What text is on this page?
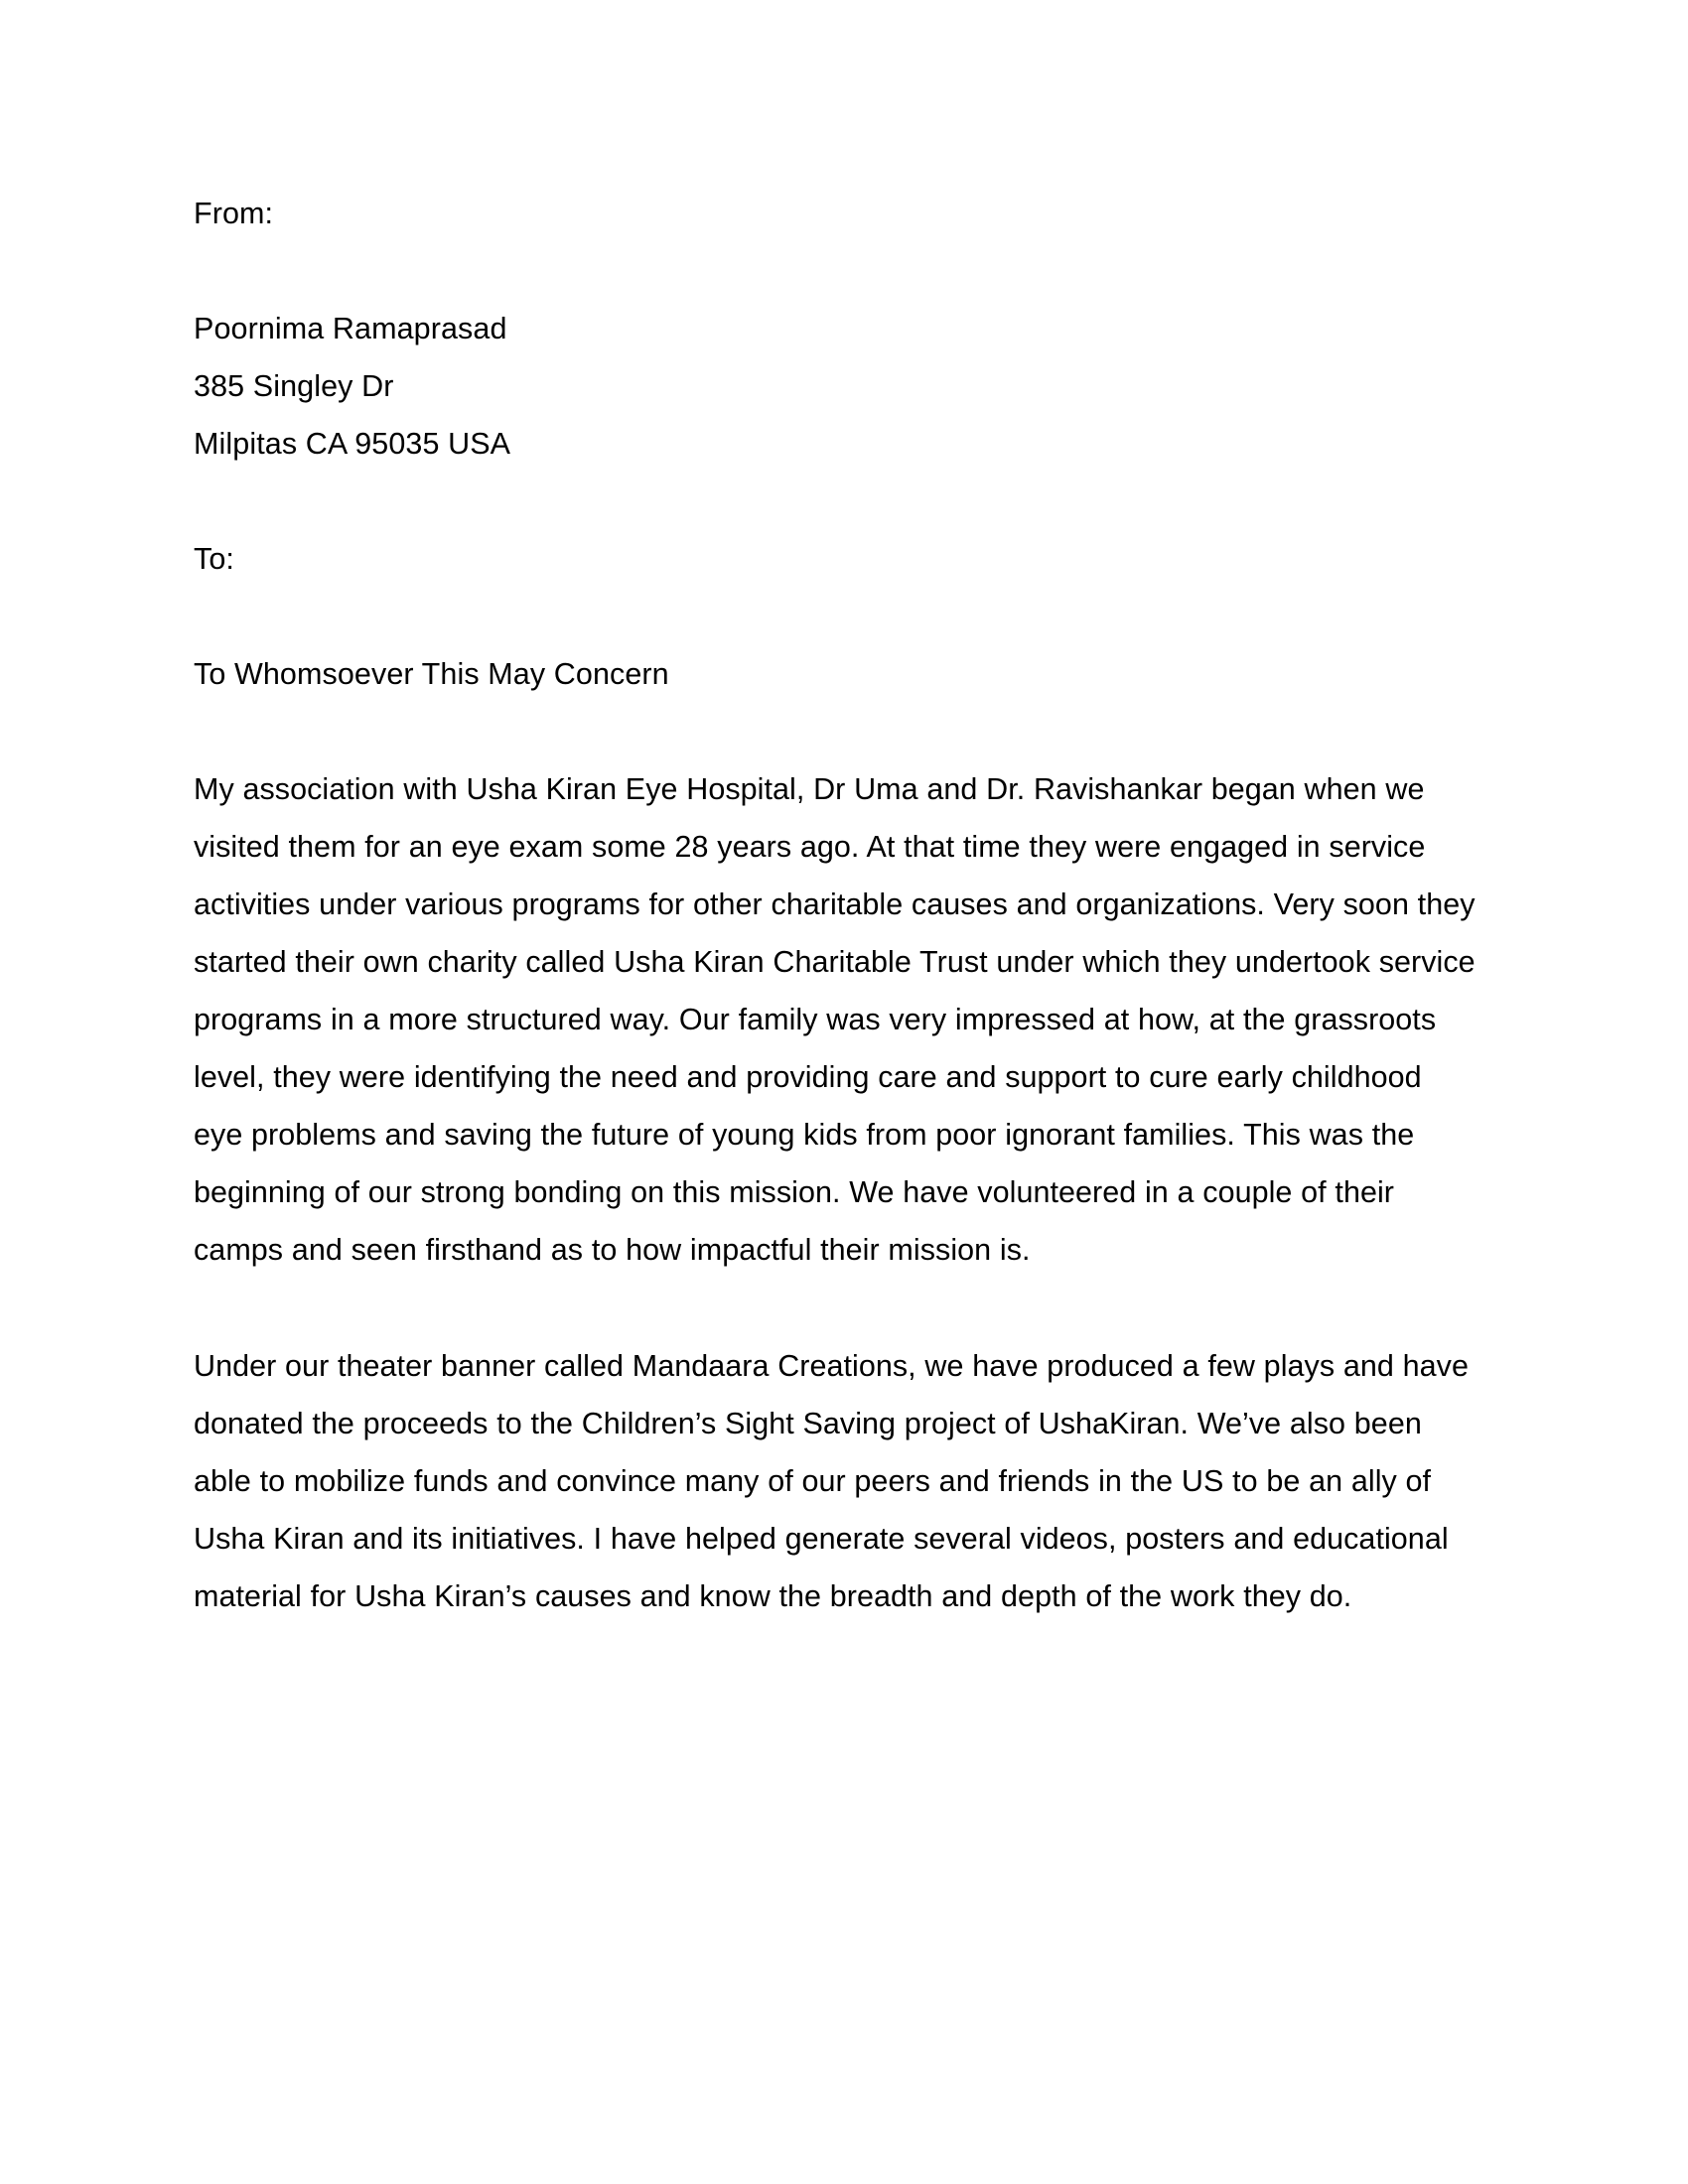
From:
Poornima Ramaprasad
385 Singley Dr
Milpitas CA 95035 USA
To:
To Whomsoever This May Concern

My association with Usha Kiran Eye Hospital, Dr Uma and Dr. Ravishankar began when we visited them for an eye exam some 28 years ago. At that time they were engaged in service activities under various programs for other charitable causes and organizations. Very soon they started their own charity called Usha Kiran Charitable Trust under which they undertook service programs in a more structured way. Our family was very impressed at how, at the grassroots level, they were identifying the need and providing care and support to cure early childhood eye problems and saving the future of young kids from poor ignorant families. This was the beginning of our strong bonding on this mission. We have volunteered in a couple of their camps and seen firsthand as to how impactful their mission is.

Under our theater banner called Mandaara Creations, we have produced a few plays and have donated the proceeds to the Children’s Sight Saving project of UshaKiran. We’ve also been able to mobilize funds and convince many of our peers and friends in the US to be an ally of Usha Kiran and its initiatives. I have helped generate several videos, posters and educational material for Usha Kiran’s causes and know the breadth and depth of the work they do.
